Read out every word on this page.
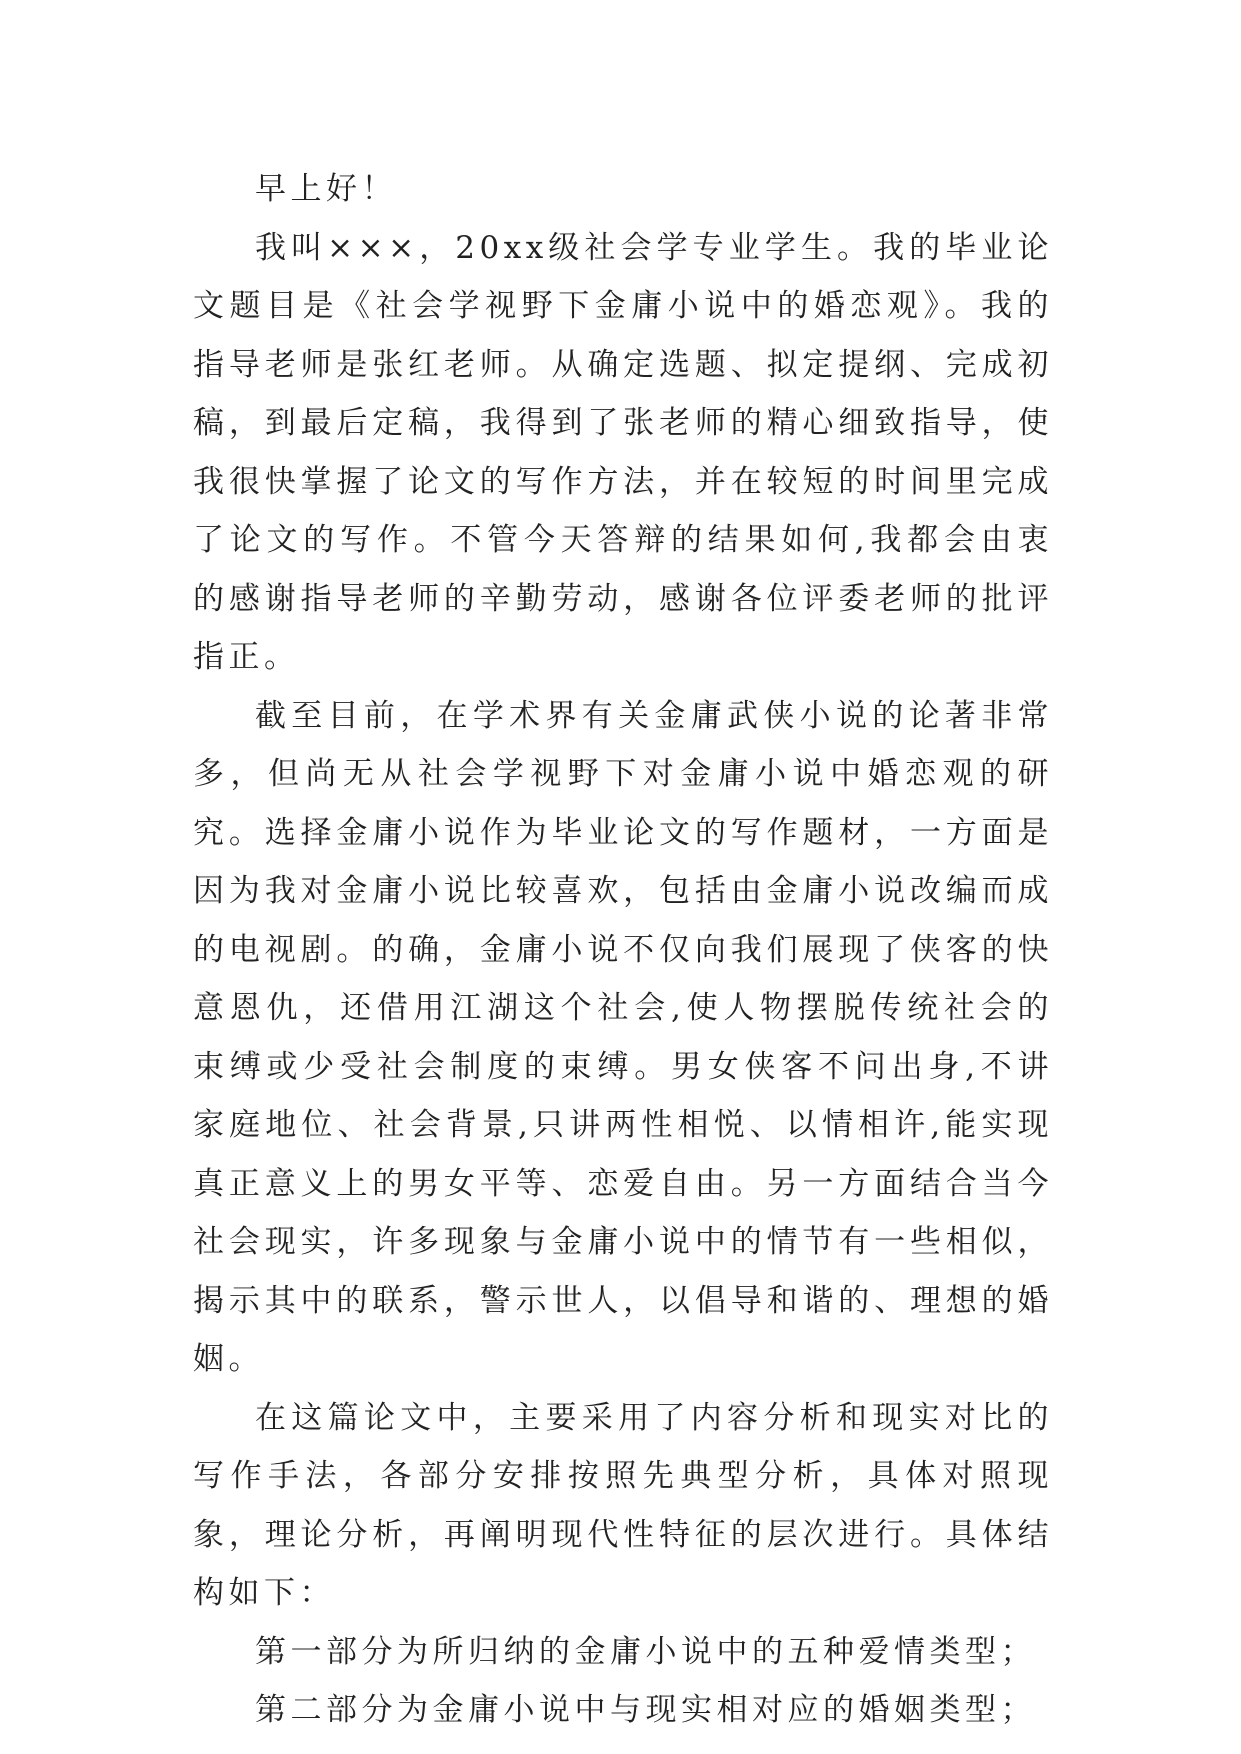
早上好！

我叫×××，20xx级社会学专业学生。我的毕业论文题目是《社会学视野下金庸小说中的婚恋观》。我的指导老师是张红老师。从确定选题、拟定提纲、完成初稿，到最后定稿，我得到了张老师的精心细致指导，使我很快掌握了论文的写作方法，并在较短的时间里完成了论文的写作。不管今天答辩的结果如何,我都会由衷的感谢指导老师的辛勤劳动，感谢各位评委老师的批评指正。

截至目前，在学术界有关金庸武侠小说的论著非常多，但尚无从社会学视野下对金庸小说中婚恋观的研究。选择金庸小说作为毕业论文的写作题材，一方面是因为我对金庸小说比较喜欢，包括由金庸小说改编而成的电视剧。的确，金庸小说不仅向我们展现了侠客的快意恩仇，还借用江湖这个社会,使人物摆脱传统社会的束缚或少受社会制度的束缚。男女侠客不问出身,不讲家庭地位、社会背景,只讲两性相悦、以情相许,能实现真正意义上的男女平等、恋爱自由。另一方面结合当今社会现实，许多现象与金庸小说中的情节有一些相似，揭示其中的联系，警示世人，以倡导和谐的、理想的婚姻。

在这篇论文中，主要采用了内容分析和现实对比的写作手法，各部分安排按照先典型分析，具体对照现象，理论分析，再阐明现代性特征的层次进行。具体结构如下：

第一部分为所归纳的金庸小说中的五种爱情类型；

第二部分为金庸小说中与现实相对应的婚姻类型；
